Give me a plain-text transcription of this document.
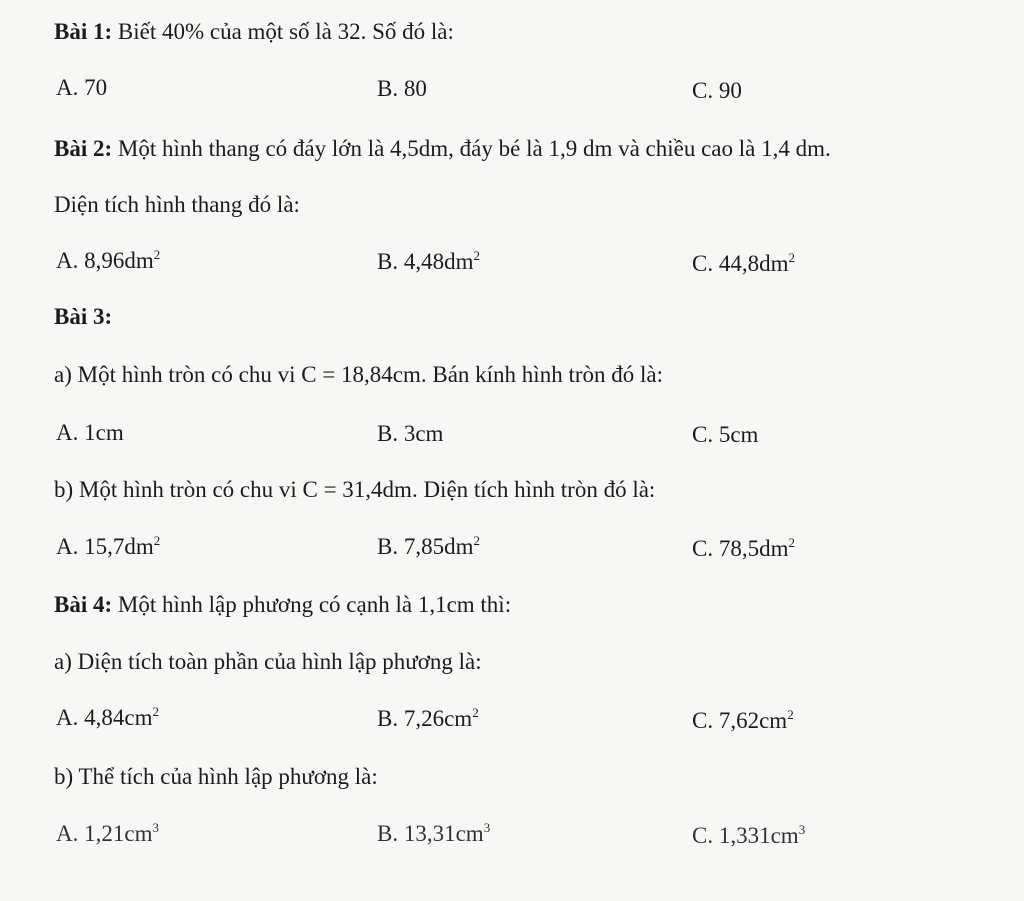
Bài 1: Biết 40% của một số là 32. Số đó là:
A. 70	B. 80	C. 90
Bài 2: Một hình thang có đáy lớn là 4,5dm, đáy bé là 1,9 dm và chiều cao là 1,4 dm.
Diện tích hình thang đó là:
A. $8,96dm^2$	B. $4,48dm^2$	C. $44,8dm^2$
Bài 3:
a) Một hình tròn có chu vi C = 18,84cm. Bán kính hình tròn đó là:
A. 1cm	B. 3cm	C. 5cm
b) Một hình tròn có chu vi C = 31,4dm. Diện tích hình tròn đó là:
A. $15,7dm^2$	B. $7,85dm^2$	C. $78,5dm^2$
Bài 4: Một hình lập phương có cạnh là 1,1cm thì:
a) Diện tích toàn phần của hình lập phương là:
A. $4,84cm^2$	B. $7,26cm^2$	C. $7,62cm^2$
b) Thể tích của hình lập phương là:
A. $1,21cm^3$	B. $13,31cm^3$	C. $1,331cm^3$
